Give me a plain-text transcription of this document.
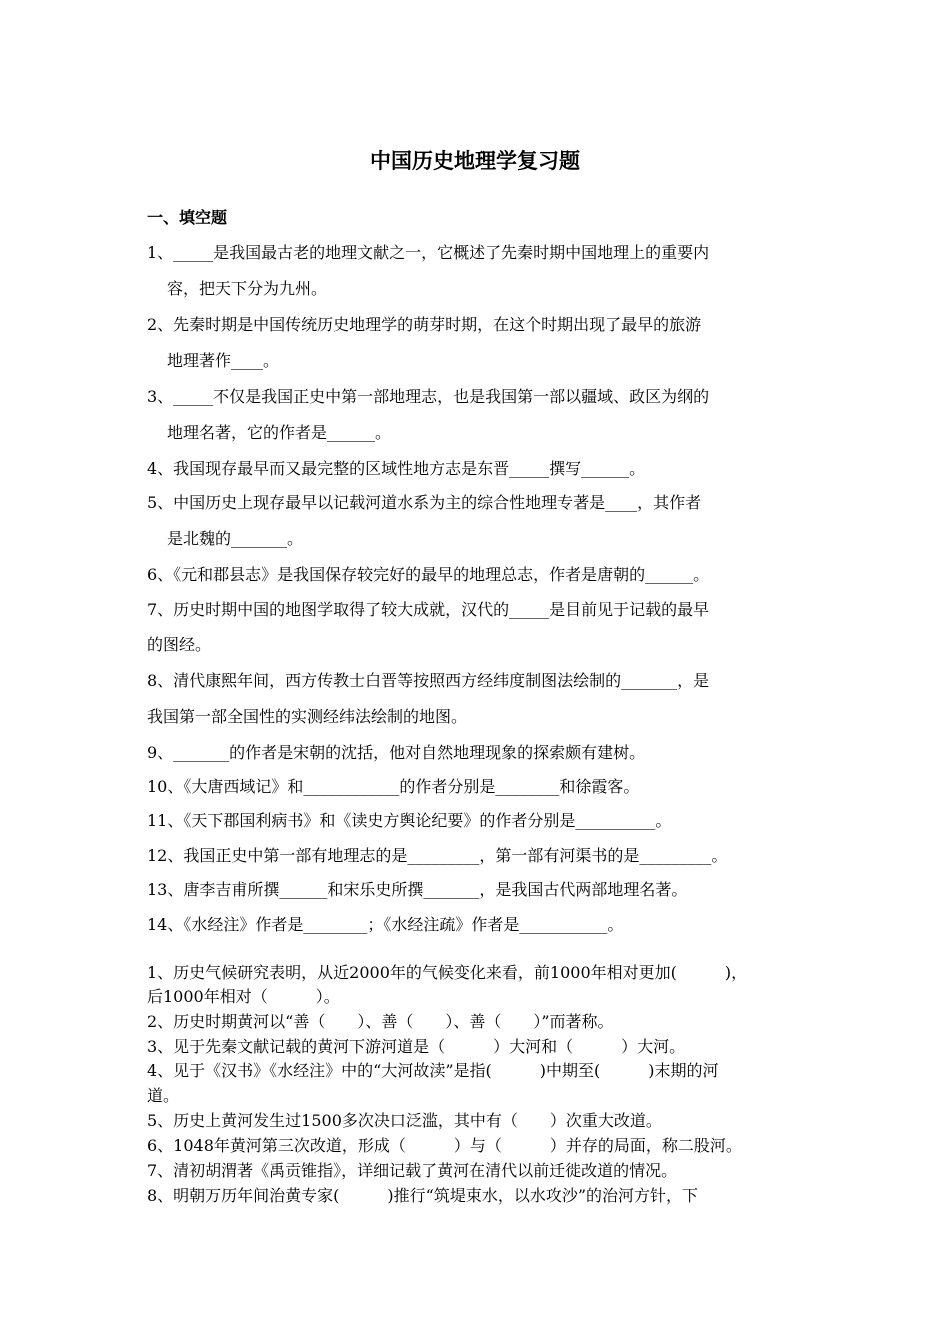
中国历史地理学复习题
一、填空题
1、_____是我国最古老的地理文献之一，它概述了先秦时期中国地理上的重要内
容，把天下分为九州。
2、先秦时期是中国传统历史地理学的萌芽时期，在这个时期出现了最早的旅游
地理著作____。
3、_____不仅是我国正史中第一部地理志，也是我国第一部以疆域、政区为纲的
地理名著，它的作者是______。
4、我国现存最早而又最完整的区域性地方志是东晋_____撰写______。
5、中国历史上现存最早以记载河道水系为主的综合性地理专著是____，其作者
是北魏的_______。
6、《元和郡县志》是我国保存较完好的最早的地理总志，作者是唐朝的______。
7、历史时期中国的地图学取得了较大成就，汉代的_____是目前见于记载的最早
的图经。
8、清代康熙年间，西方传教士白晋等按照西方经纬度制图法绘制的_______，是
我国第一部全国性的实测经纬法绘制的地图。
9、_______的作者是宋朝的沈括，他对自然地理现象的探索颇有建树。
10、《大唐西域记》和____________的作者分别是________和徐霞客。
11、《天下郡国利病书》和《读史方舆论纪要》的作者分别是__________。
12、我国正史中第一部有地理志的是_________，第一部有河渠书的是_________。
13、唐李吉甫所撰______和宋乐史所撰_______，是我国古代两部地理名著。
14、《水经注》作者是________；《水经注疏》作者是___________。
1、历史气候研究表明，从近2000年的气候变化来看，前1000年相对更加(　　　)，
后1000年相对（　　　）。
2、历史时期黄河以“善（　　）、善（　　）、善（　　）”而著称。
3、见于先秦文献记载的黄河下游河道是（　　　）大河和（　　　）大河。
4、见于《汉书》《水经注》中的“大河故渎”是指(　　　)中期至(　　　)末期的河
道。
5、历史上黄河发生过1500多次决口泛滥，其中有（　　）次重大改道。
6、1048年黄河第三次改道，形成（　　　）与（　　　）并存的局面，称二股河。
7、清初胡渭著《禹贡锥指》，详细记载了黄河在清代以前迁徙改道的情况。
8、明朝万历年间治黄专家(　　　)推行“筑堤束水，以水攻沙”的治河方针，下
